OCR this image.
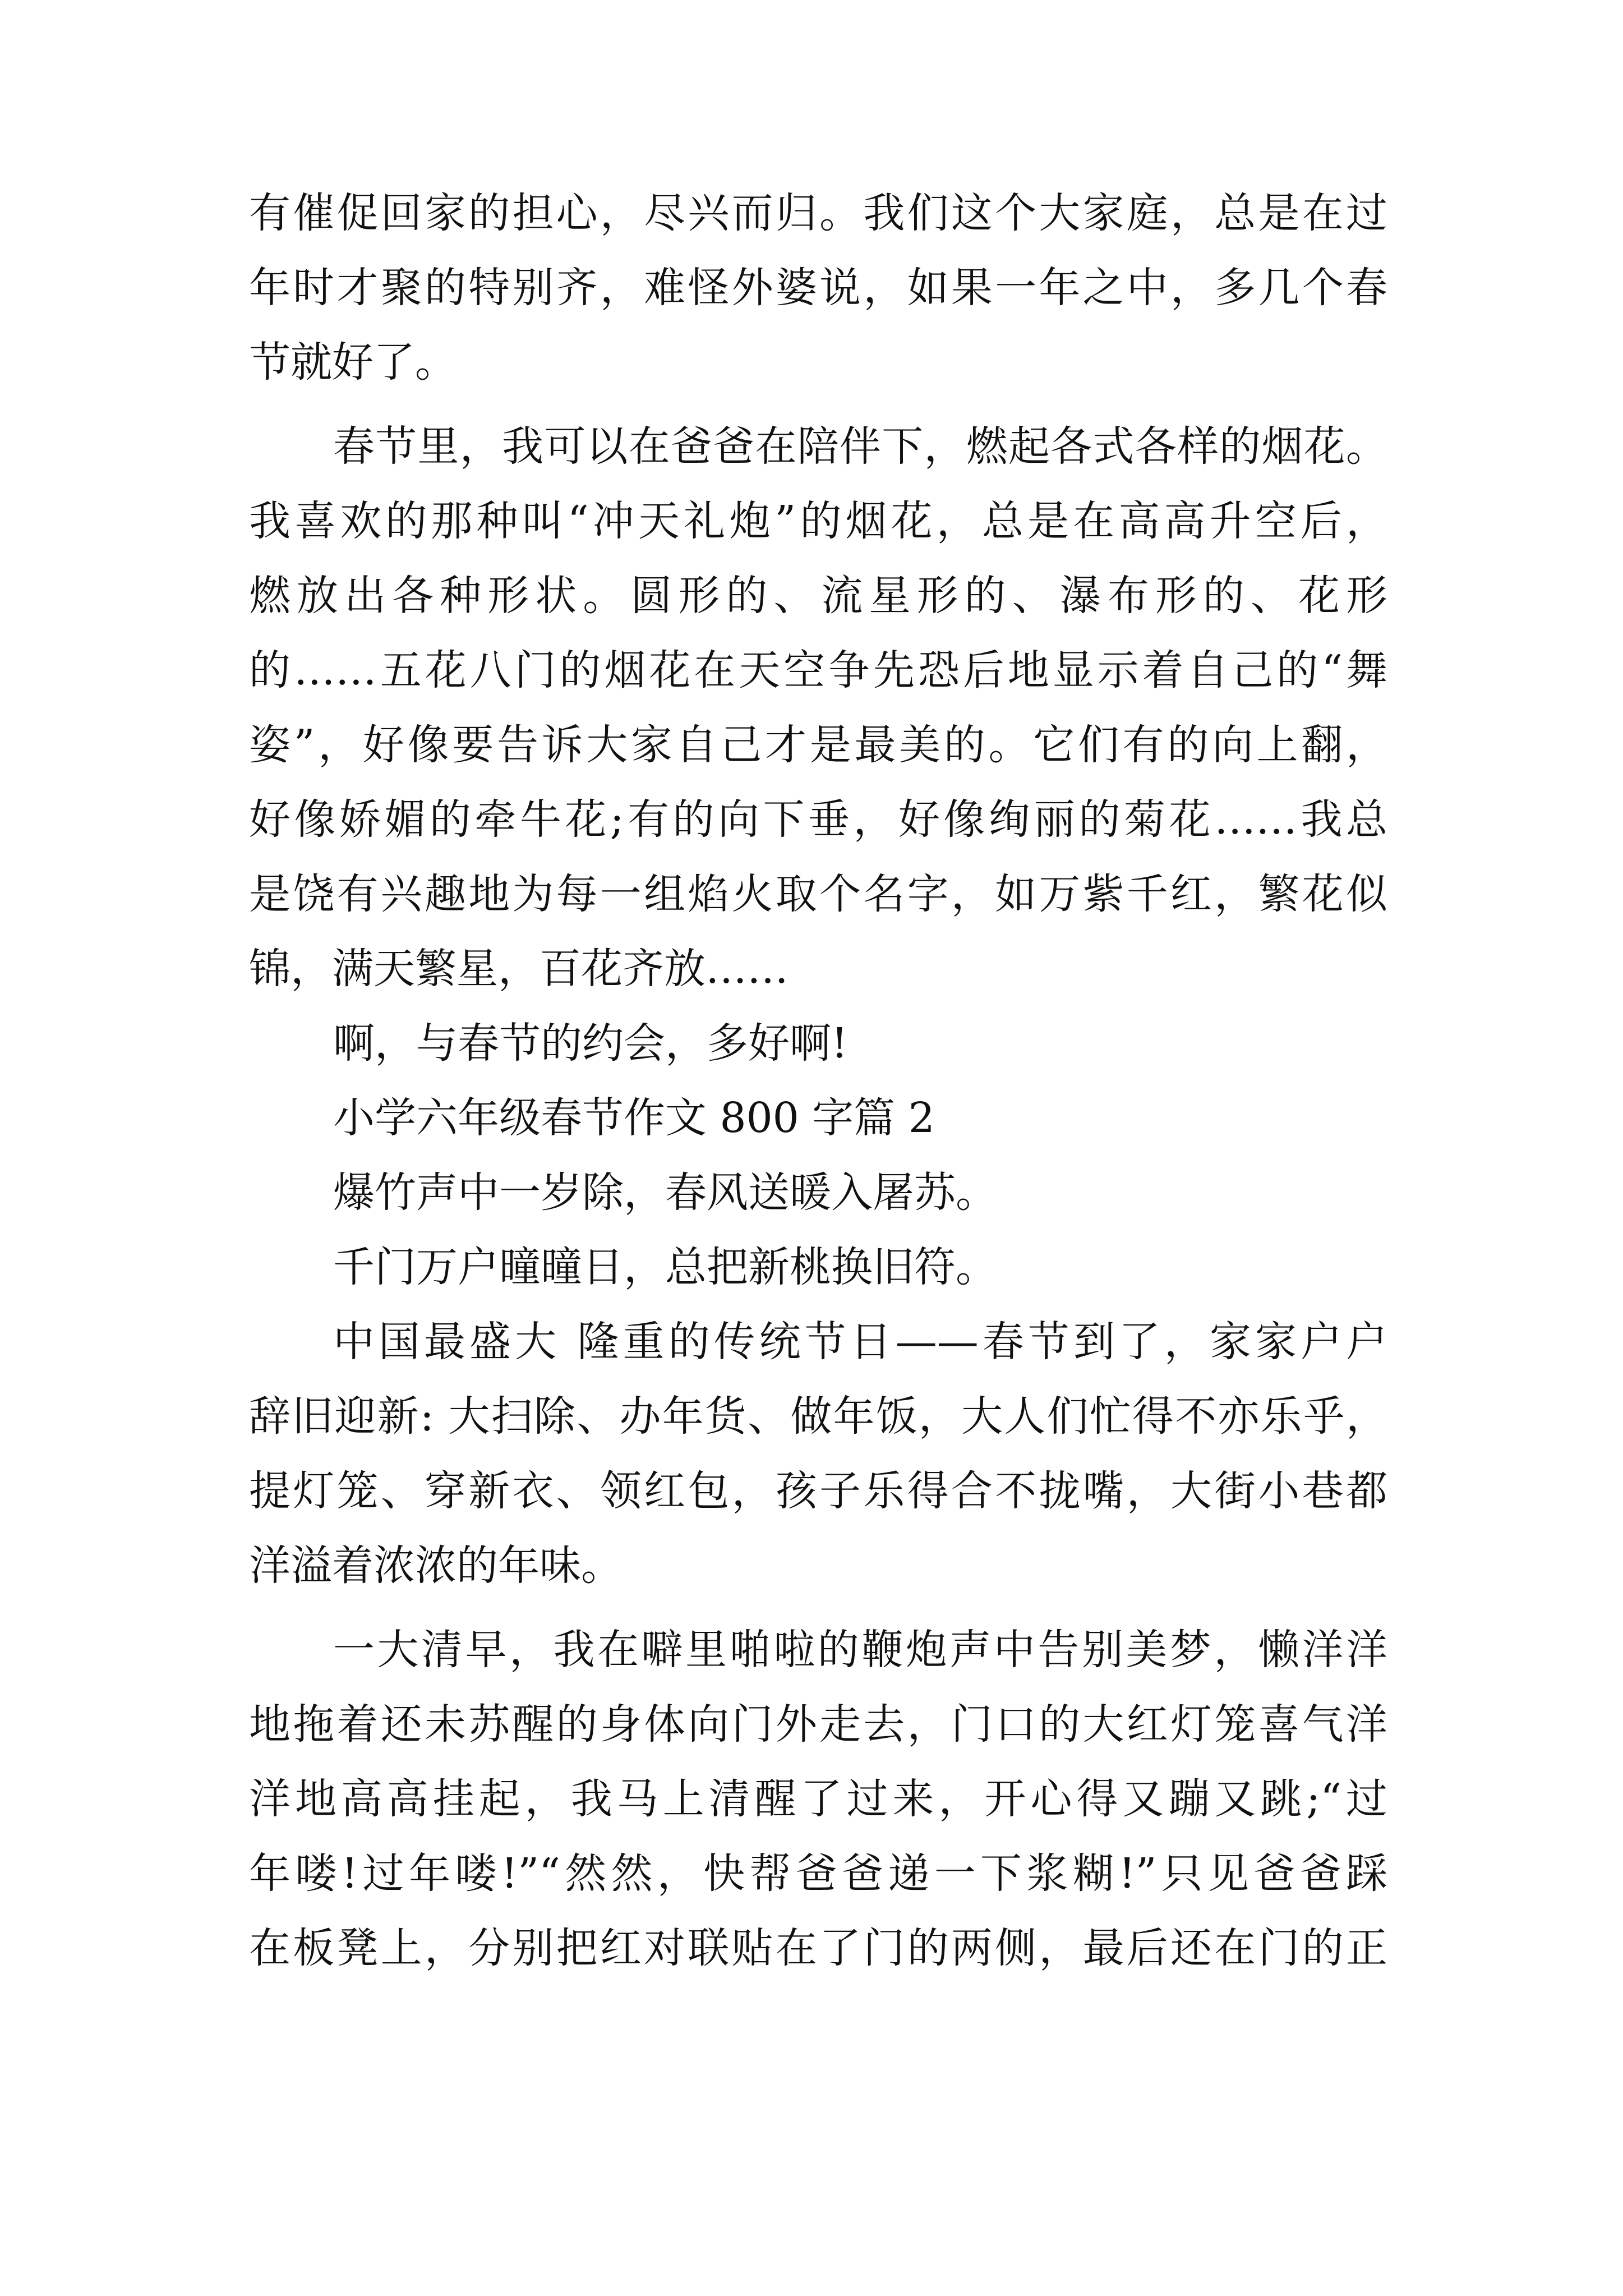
有催促回家的担心，尽兴而归。我们这个大家庭，总是在过
年时才聚的特别齐，难怪外婆说，如果一年之中，多几个春
节就好了。
春节里，我可以在爸爸在陪伴下，燃起各式各样的烟花。
我喜欢的那种叫“冲天礼炮”的烟花，总是在高高升空后，
燃放出各种形状。圆形的、流星形的、瀑布形的、花形
的……五花八门的烟花在天空争先恐后地显示着自己的“舞
姿”，好像要告诉大家自己才是最美的。它们有的向上翻，
好像娇媚的牵牛花;有的向下垂，好像绚丽的菊花……我总
是饶有兴趣地为每一组焰火取个名字，如万紫千红，繁花似
锦，满天繁星，百花齐放……
啊，与春节的约会，多好啊!
小学六年级春节作文 800 字篇 2
爆竹声中一岁除，春风送暖入屠苏。
千门万户曈曈日，总把新桃换旧符。
中国最盛大 隆重的传统节日——春节到了，家家户户
辞旧迎新: 大扫除、办年货、做年饭，大人们忙得不亦乐乎，
提灯笼、穿新衣、领红包，孩子乐得合不拢嘴，大街小巷都
洋溢着浓浓的年味。
一大清早，我在噼里啪啦的鞭炮声中告别美梦，懒洋洋
地拖着还未苏醒的身体向门外走去，门口的大红灯笼喜气洋
洋地高高挂起，我马上清醒了过来，开心得又蹦又跳;“过
年喽!过年喽!”“然然，快帮爸爸递一下浆糊!”只见爸爸踩
在板凳上，分别把红对联贴在了门的两侧，最后还在门的正
